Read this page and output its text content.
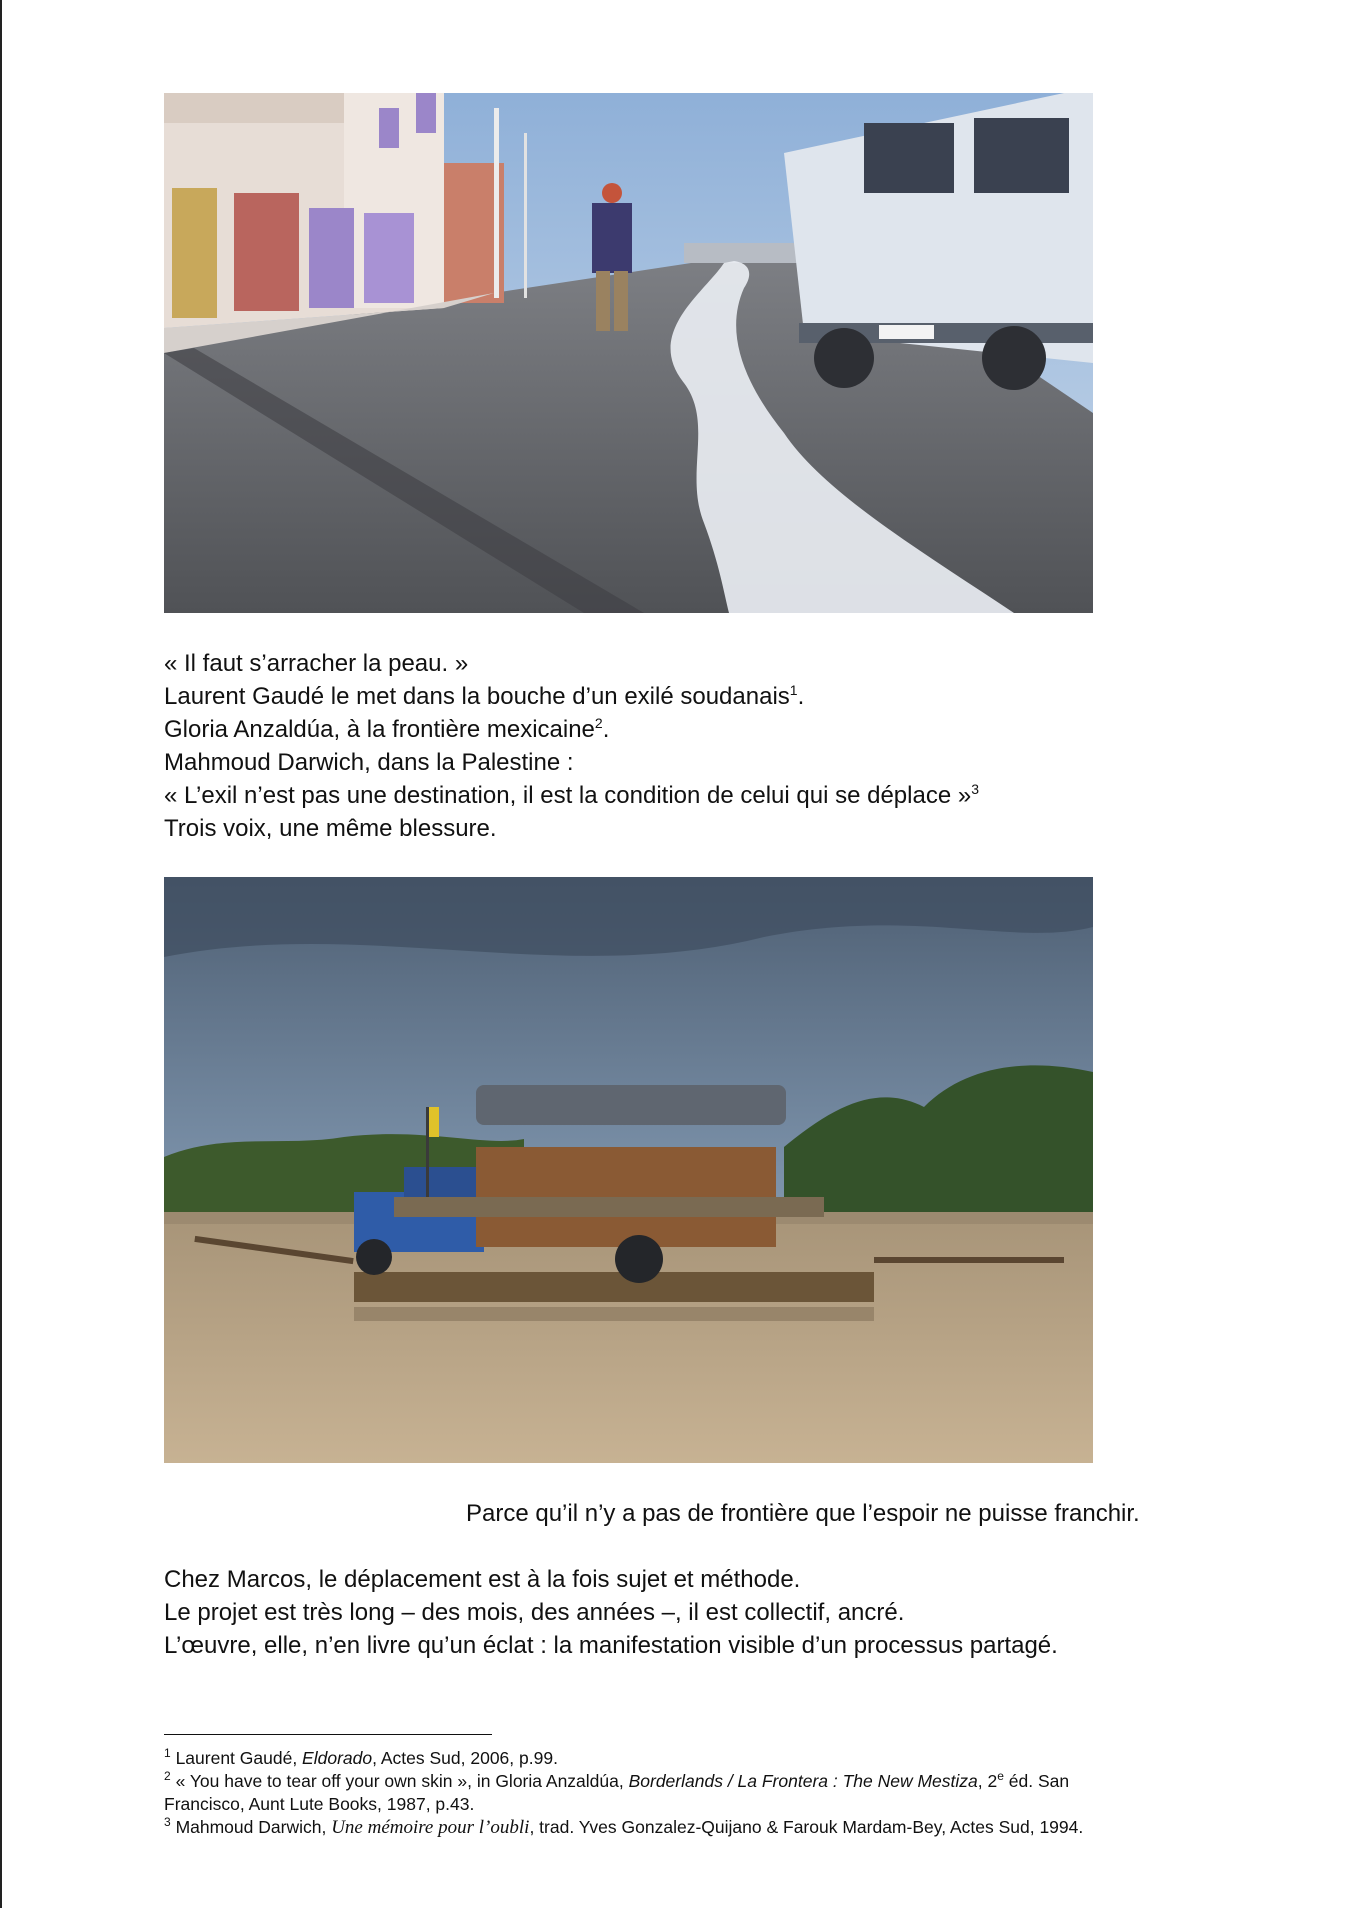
« Il faut s’arracher la peau. »
Laurent Gaudé le met dans la bouche d’un exilé soudanais$^1$.
Gloria Anzaldúa, à la frontière mexicaine$^2$.
Mahmoud Darwich, dans la Palestine :
« L’exil n’est pas une destination, il est la condition de celui qui se déplace »$^3$
Trois voix, une même blessure.

Parce qu’il n’y a pas de frontière que l’espoir ne puisse franchir.

Chez Marcos, le déplacement est à la fois sujet et méthode.
Le projet est très long – des mois, des années –, il est collectif, ancré.
L’œuvre, elle, n’en livre qu’un éclat : la manifestation visible d’un processus partagé.

$^1$ Laurent Gaudé, Eldorado, Actes Sud, 2006, p.99.
$^2$ « You have to tear off your own skin », in Gloria Anzaldúa, Borderlands / La Frontera : The New Mestiza, 2e éd. San
Francisco, Aunt Lute Books, 1987, p.43.
$^3$ Mahmoud Darwich, Une mémoire pour l’oubli, trad. Yves Gonzalez-Quijano & Farouk Mardam-Bey, Actes Sud, 1994.
